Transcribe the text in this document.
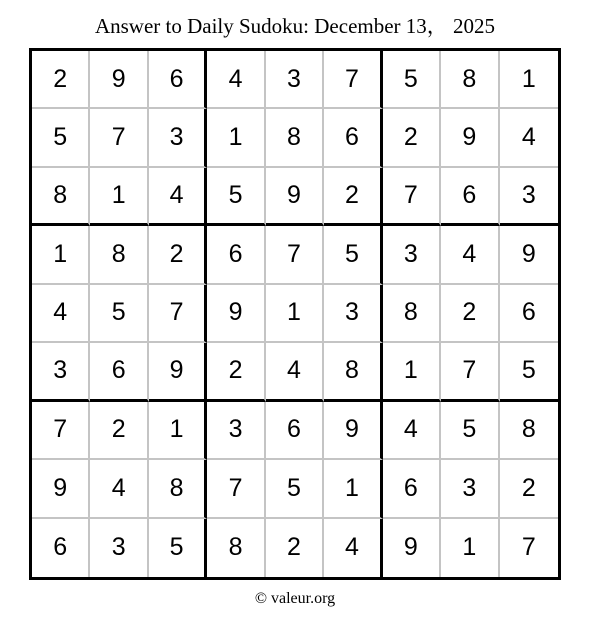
Answer to Daily Sudoku: December 13， 2025
2	9	6	4	3	7	5	8	1
5	7	3	1	8	6	2	9	4
8	1	4	5	9	2	7	6	3
1	8	2	6	7	5	3	4	9
4	5	7	9	1	3	8	2	6
3	6	9	2	4	8	1	7	5
7	2	1	3	6	9	4	5	8
9	4	8	7	5	1	6	3	2
6	3	5	8	2	4	9	1	7
© valeur.org
